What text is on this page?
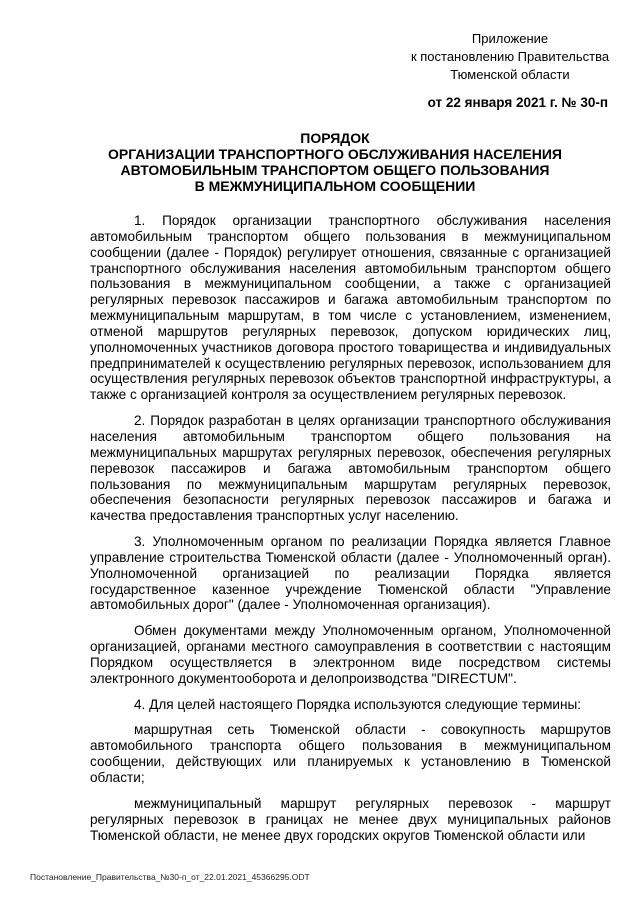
Приложение
к постановлению Правительства
Тюменской области
от 22 января 2021 г. № 30-п
ПОРЯДОК
ОРГАНИЗАЦИИ ТРАНСПОРТНОГО ОБСЛУЖИВАНИЯ НАСЕЛЕНИЯ
АВТОМОБИЛЬНЫМ ТРАНСПОРТОМ ОБЩЕГО ПОЛЬЗОВАНИЯ
В МЕЖМУНИЦИПАЛЬНОМ СООБЩЕНИИ

1. Порядок организации транспортного обслуживания населения автомобильным транспортом общего пользования в межмуниципальном сообщении (далее - Порядок) регулирует отношения, связанные с организацией транспортного обслуживания населения автомобильным транспортом общего пользования в межмуниципальном сообщении, а также с организацией регулярных перевозок пассажиров и багажа автомобильным транспортом по межмуниципальным маршрутам, в том числе с установлением, изменением, отменой маршрутов регулярных перевозок, допуском юридических лиц, уполномоченных участников договора простого товарищества и индивидуальных предпринимателей к осуществлению регулярных перевозок, использованием для осуществления регулярных перевозок объектов транспортной инфраструктуры, а также с организацией контроля за осуществлением регулярных перевозок.

2. Порядок разработан в целях организации транспортного обслуживания населения автомобильным транспортом общего пользования на межмуниципальных маршрутах регулярных перевозок, обеспечения регулярных перевозок пассажиров и багажа автомобильным транспортом общего пользования по межмуниципальным маршрутам регулярных перевозок, обеспечения безопасности регулярных перевозок пассажиров и багажа и качества предоставления транспортных услуг населению.

3. Уполномоченным органом по реализации Порядка является Главное управление строительства Тюменской области (далее - Уполномоченный орган). Уполномоченной организацией по реализации Порядка является государственное казенное учреждение Тюменской области "Управление автомобильных дорог" (далее - Уполномоченная организация).

Обмен документами между Уполномоченным органом, Уполномоченной организацией, органами местного самоуправления в соответствии с настоящим Порядком осуществляется в электронном виде посредством системы электронного документооборота и делопроизводства "DIRECTUM".

4. Для целей настоящего Порядка используются следующие термины:

маршрутная сеть Тюменской области - совокупность маршрутов автомобильного транспорта общего пользования в межмуниципальном сообщении, действующих или планируемых к установлению в Тюменской области;

межмуниципальный маршрут регулярных перевозок - маршрут регулярных перевозок в границах не менее двух муниципальных районов Тюменской области, не менее двух городских округов Тюменской области или

Постановление_Правительства_№30-п_от_22.01.2021_45366295.ODT
